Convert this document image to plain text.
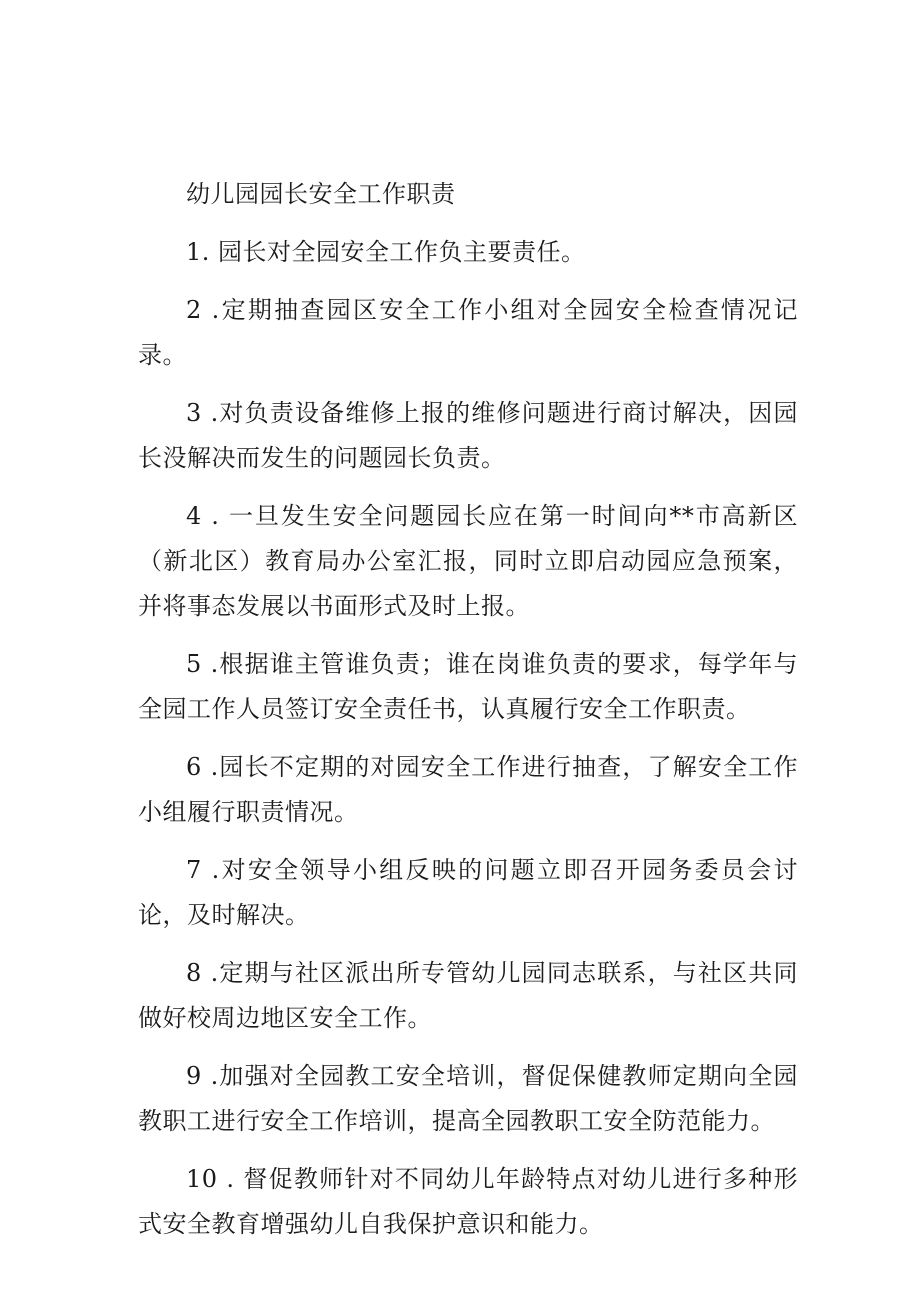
幼儿园园长安全工作职责

1. 园长对全园安全工作负主要责任。

2 .定期抽查园区安全工作小组对全园安全检查情况记录。

3 .对负责设备维修上报的维修问题进行商讨解决，因园长没解决而发生的问题园长负责。

4 . 一旦发生安全问题园长应在第一时间向**市高新区（新北区）教育局办公室汇报，同时立即启动园应急预案，并将事态发展以书面形式及时上报。

5 .根据谁主管谁负责；谁在岗谁负责的要求，每学年与全园工作人员签订安全责任书，认真履行安全工作职责。

6 .园长不定期的对园安全工作进行抽查，了解安全工作小组履行职责情况。

7 .对安全领导小组反映的问题立即召开园务委员会讨论，及时解决。

8 .定期与社区派出所专管幼儿园同志联系，与社区共同做好校周边地区安全工作。

9 .加强对全园教工安全培训，督促保健教师定期向全园教职工进行安全工作培训，提高全园教职工安全防范能力。

10 . 督促教师针对不同幼儿年龄特点对幼儿进行多种形式安全教育增强幼儿自我保护意识和能力。
